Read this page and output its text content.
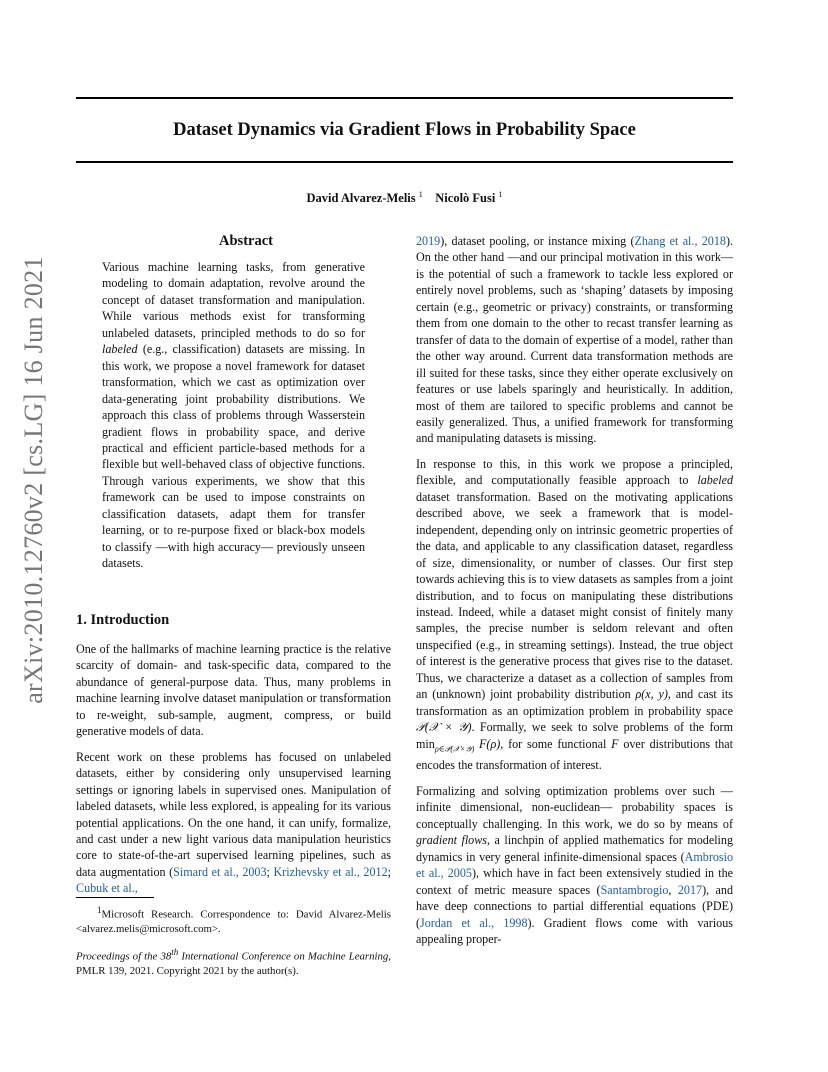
Dataset Dynamics via Gradient Flows in Probability Space
David Alvarez-Melis $^1$ Nicolò Fusi $^1$
arXiv:2010.12760v2 [cs.LG] 16 Jun 2021
Abstract
Various machine learning tasks, from generative modeling to domain adaptation, revolve around the concept of dataset transformation and manipulation. While various methods exist for transforming unlabeled datasets, principled methods to do so for labeled (e.g., classification) datasets are missing. In this work, we propose a novel framework for dataset transformation, which we cast as optimization over data-generating joint probability distributions. We approach this class of problems through Wasserstein gradient flows in probability space, and derive practical and efficient particle-based methods for a flexible but well-behaved class of objective functions. Through various experiments, we show that this framework can be used to impose constraints on classification datasets, adapt them for transfer learning, or to re-purpose fixed or black-box models to classify —with high accuracy— previously unseen datasets.
1. Introduction

One of the hallmarks of machine learning practice is the relative scarcity of domain- and task-specific data, compared to the abundance of general-purpose data. Thus, many problems in machine learning involve dataset manipulation or transformation to re-weight, sub-sample, augment, compress, or build generative models of data.

Recent work on these problems has focused on unlabeled datasets, either by considering only unsupervised learning settings or ignoring labels in supervised ones. Manipulation of labeled datasets, while less explored, is appealing for its various potential applications. On the one hand, it can unify, formalize, and cast under a new light various data manipulation heuristics core to state-of-the-art supervised learning pipelines, such as data augmentation (Simard et al., 2003; Krizhevsky et al., 2012; Cubuk et al.,

$^1$Microsoft Research. Correspondence to: David Alvarez-Melis <alvarez.melis@microsoft.com>.

Proceedings of the 38th International Conference on Machine Learning, PMLR 139, 2021. Copyright 2021 by the author(s).

2019), dataset pooling, or instance mixing (Zhang et al., 2018). On the other hand —and our principal motivation in this work— is the potential of such a framework to tackle less explored or entirely novel problems, such as ‘shaping’ datasets by imposing certain (e.g., geometric or privacy) constraints, or transforming them from one domain to the other to recast transfer learning as transfer of data to the domain of expertise of a model, rather than the other way around. Current data transformation methods are ill suited for these tasks, since they either operate exclusively on features or use labels sparingly and heuristically. In addition, most of them are tailored to specific problems and cannot be easily generalized. Thus, a unified framework for transforming and manipulating datasets is missing.

In response to this, in this work we propose a principled, flexible, and computationally feasible approach to labeled dataset transformation. Based on the motivating applications described above, we seek a framework that is model-independent, depending only on intrinsic geometric properties of the data, and applicable to any classification dataset, regardless of size, dimensionality, or number of classes. Our first step towards achieving this is to view datasets as samples from a joint distribution, and to focus on manipulating these distributions instead. Indeed, while a dataset might consist of finitely many samples, the precise number is seldom relevant and often unspecified (e.g., in streaming settings). Instead, the true object of interest is the generative process that gives rise to the dataset. Thus, we characterize a dataset as a collection of samples from an (unknown) joint probability distribution ρ(x, y), and cast its transformation as an optimization problem in probability space 𝒫(𝒳 × 𝒴). Formally, we seek to solve problems of the form $\min_{\rho\in 𝒫(𝒳\times 𝒴)} F(\rho)$, for some functional F over distributions that encodes the transformation of interest.

Formalizing and solving optimization problems over such —infinite dimensional, non-euclidean— probability spaces is conceptually challenging. In this work, we do so by means of gradient flows, a linchpin of applied mathematics for modeling dynamics in very general infinite-dimensional spaces (Ambrosio et al., 2005), which have in fact been extensively studied in the context of metric measure spaces (Santambrogio, 2017), and have deep connections to partial differential equations (PDE) (Jordan et al., 1998). Gradient flows come with various appealing proper-
